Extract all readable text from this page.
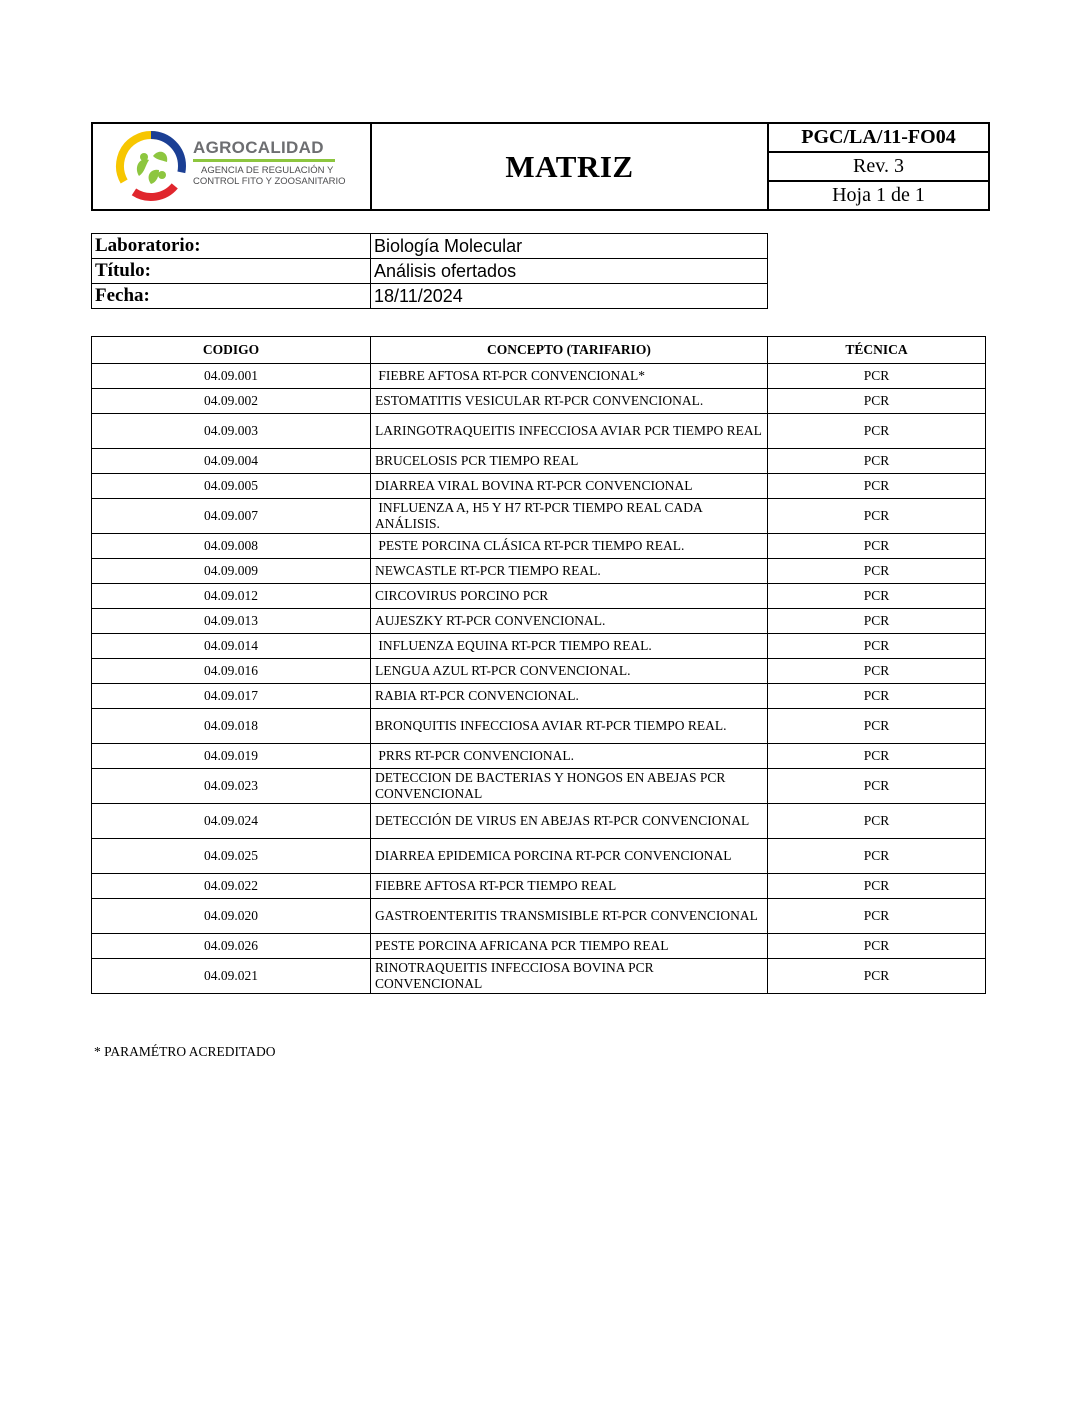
AGROCALIDAD
AGENCIA DE REGULACIÓN Y
CONTROL FITO Y ZOOSANITARIO	MATRIZ	
PGC/LA/11-FO04
Rev. 3
Hoja 1 de 1
Laboratorio:	Biología Molecular
Título:	Análisis ofertados
Fecha:	18/11/2024
CODIGO	CONCEPTO (TARIFARIO)	TÉCNICA
04.09.001	FIEBRE AFTOSA RT-PCR CONVENCIONAL*	PCR
04.09.002	ESTOMATITIS VESICULAR RT-PCR CONVENCIONAL.	PCR
04.09.003	LARINGOTRAQUEITIS INFECCIOSA AVIAR PCR TIEMPO REAL	PCR
04.09.004	BRUCELOSIS PCR TIEMPO REAL	PCR
04.09.005	DIARREA VIRAL BOVINA RT-PCR CONVENCIONAL	PCR
04.09.007	INFLUENZA A, H5 Y H7 RT-PCR TIEMPO REAL CADA ANÁLISIS.	PCR
04.09.008	PESTE PORCINA CLÁSICA RT-PCR TIEMPO REAL.	PCR
04.09.009	NEWCASTLE RT-PCR TIEMPO REAL.	PCR
04.09.012	CIRCOVIRUS PORCINO PCR	PCR
04.09.013	AUJESZKY RT-PCR CONVENCIONAL.	PCR
04.09.014	INFLUENZA EQUINA RT-PCR TIEMPO REAL.	PCR
04.09.016	LENGUA AZUL RT-PCR CONVENCIONAL.	PCR
04.09.017	RABIA RT-PCR CONVENCIONAL.	PCR
04.09.018	BRONQUITIS INFECCIOSA AVIAR RT-PCR TIEMPO REAL.	PCR
04.09.019	PRRS RT-PCR CONVENCIONAL.	PCR
04.09.023	DETECCION DE BACTERIAS Y HONGOS EN ABEJAS PCR CONVENCIONAL	PCR
04.09.024	DETECCIÓN DE VIRUS EN ABEJAS RT-PCR CONVENCIONAL	PCR
04.09.025	DIARREA EPIDEMICA PORCINA RT-PCR CONVENCIONAL	PCR
04.09.022	FIEBRE AFTOSA RT-PCR TIEMPO REAL	PCR
04.09.020	GASTROENTERITIS TRANSMISIBLE RT-PCR CONVENCIONAL	PCR
04.09.026	PESTE PORCINA AFRICANA PCR TIEMPO REAL	PCR
04.09.021	RINOTRAQUEITIS INFECCIOSA BOVINA PCR CONVENCIONAL	PCR
* PARAMÉTRO ACREDITADO
